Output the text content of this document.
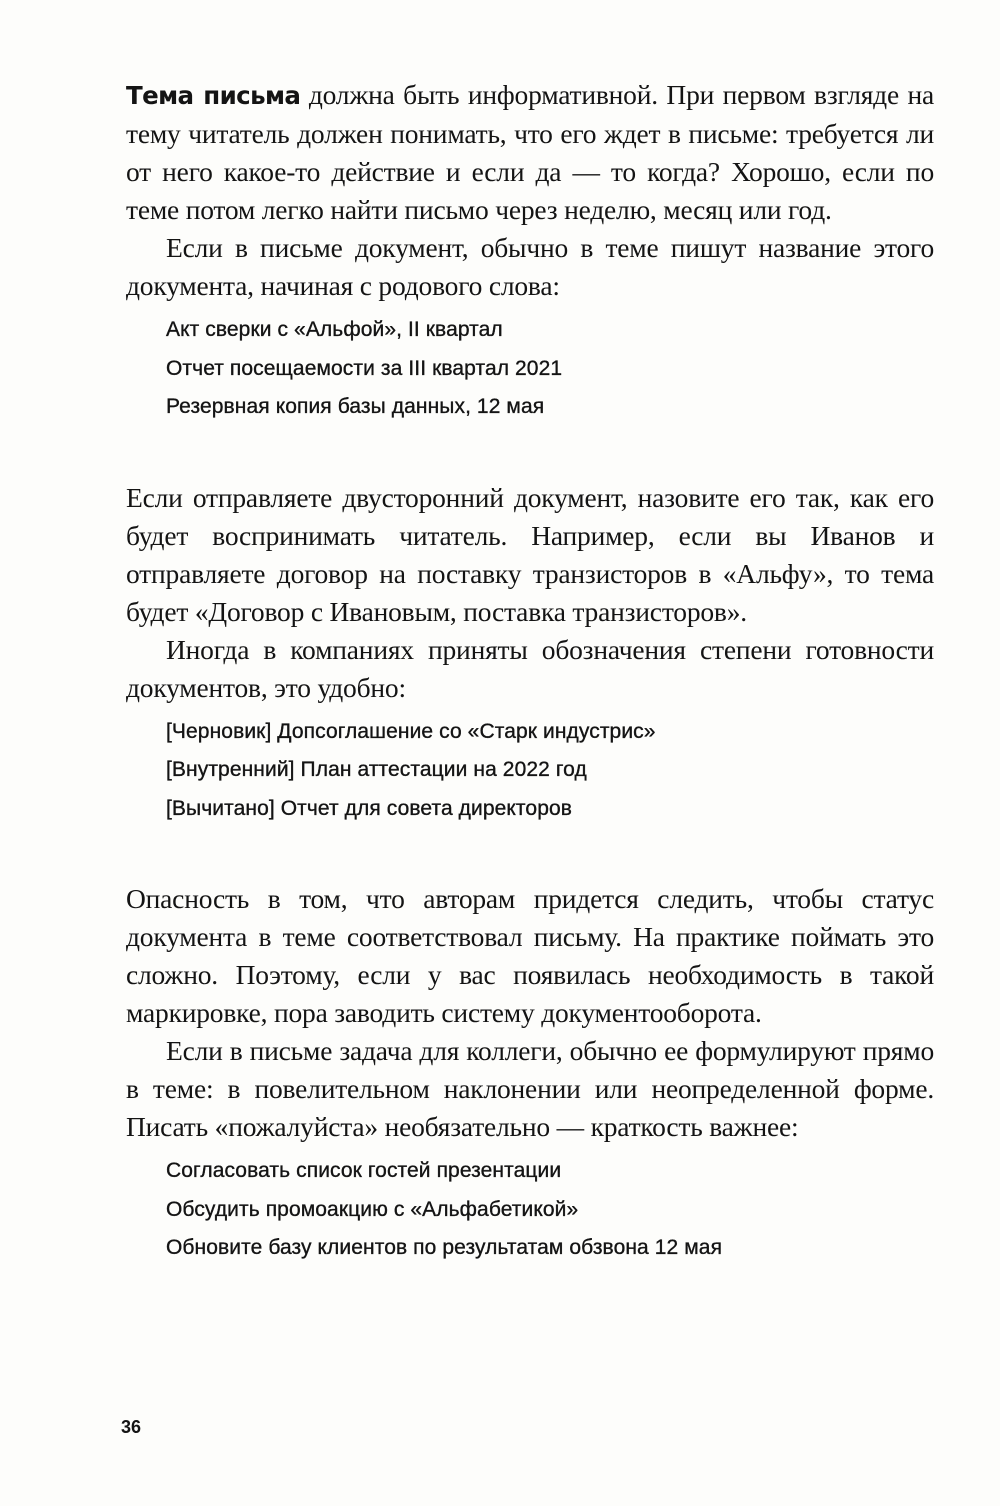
Тема письма должна быть информативной. При первом взгляде на тему читатель должен понимать, что его ждет в письме: требуется ли от него какое-то действие и если да — то когда? Хорошо, если по теме потом легко найти письмо через неделю, месяц или год.

Если в письме документ, обычно в теме пишут название этого документа, начиная с родового слова:

Акт сверки с «Альфой», II квартал
Отчет посещаемости за III квартал 2021
Резервная копия базы данных, 12 мая

Если отправляете двусторонний документ, назовите его так, как его будет воспринимать читатель. Например, если вы Иванов и отправляете договор на поставку транзисторов в «Альфу», то тема будет «Договор с Ивановым, поставка транзисторов».

Иногда в компаниях приняты обозначения степени готовности документов, это удобно:

[Черновик] Допсоглашение со «Старк индустрис»
[Внутренний] План аттестации на 2022 год
[Вычитано] Отчет для совета директоров

Опасность в том, что авторам придется следить, чтобы статус документа в теме соответствовал письму. На практике поймать это сложно. Поэтому, если у вас появилась необходимость в такой маркировке, пора заводить систему документооборота.

Если в письме задача для коллеги, обычно ее формулируют прямо в теме: в повелительном наклонении или неопределенной форме. Писать «пожалуйста» необязательно — краткость важнее:

Согласовать список гостей презентации
Обсудить промоакцию с «Альфабетикой»
Обновите базу клиентов по результатам обзвона 12 мая
36
